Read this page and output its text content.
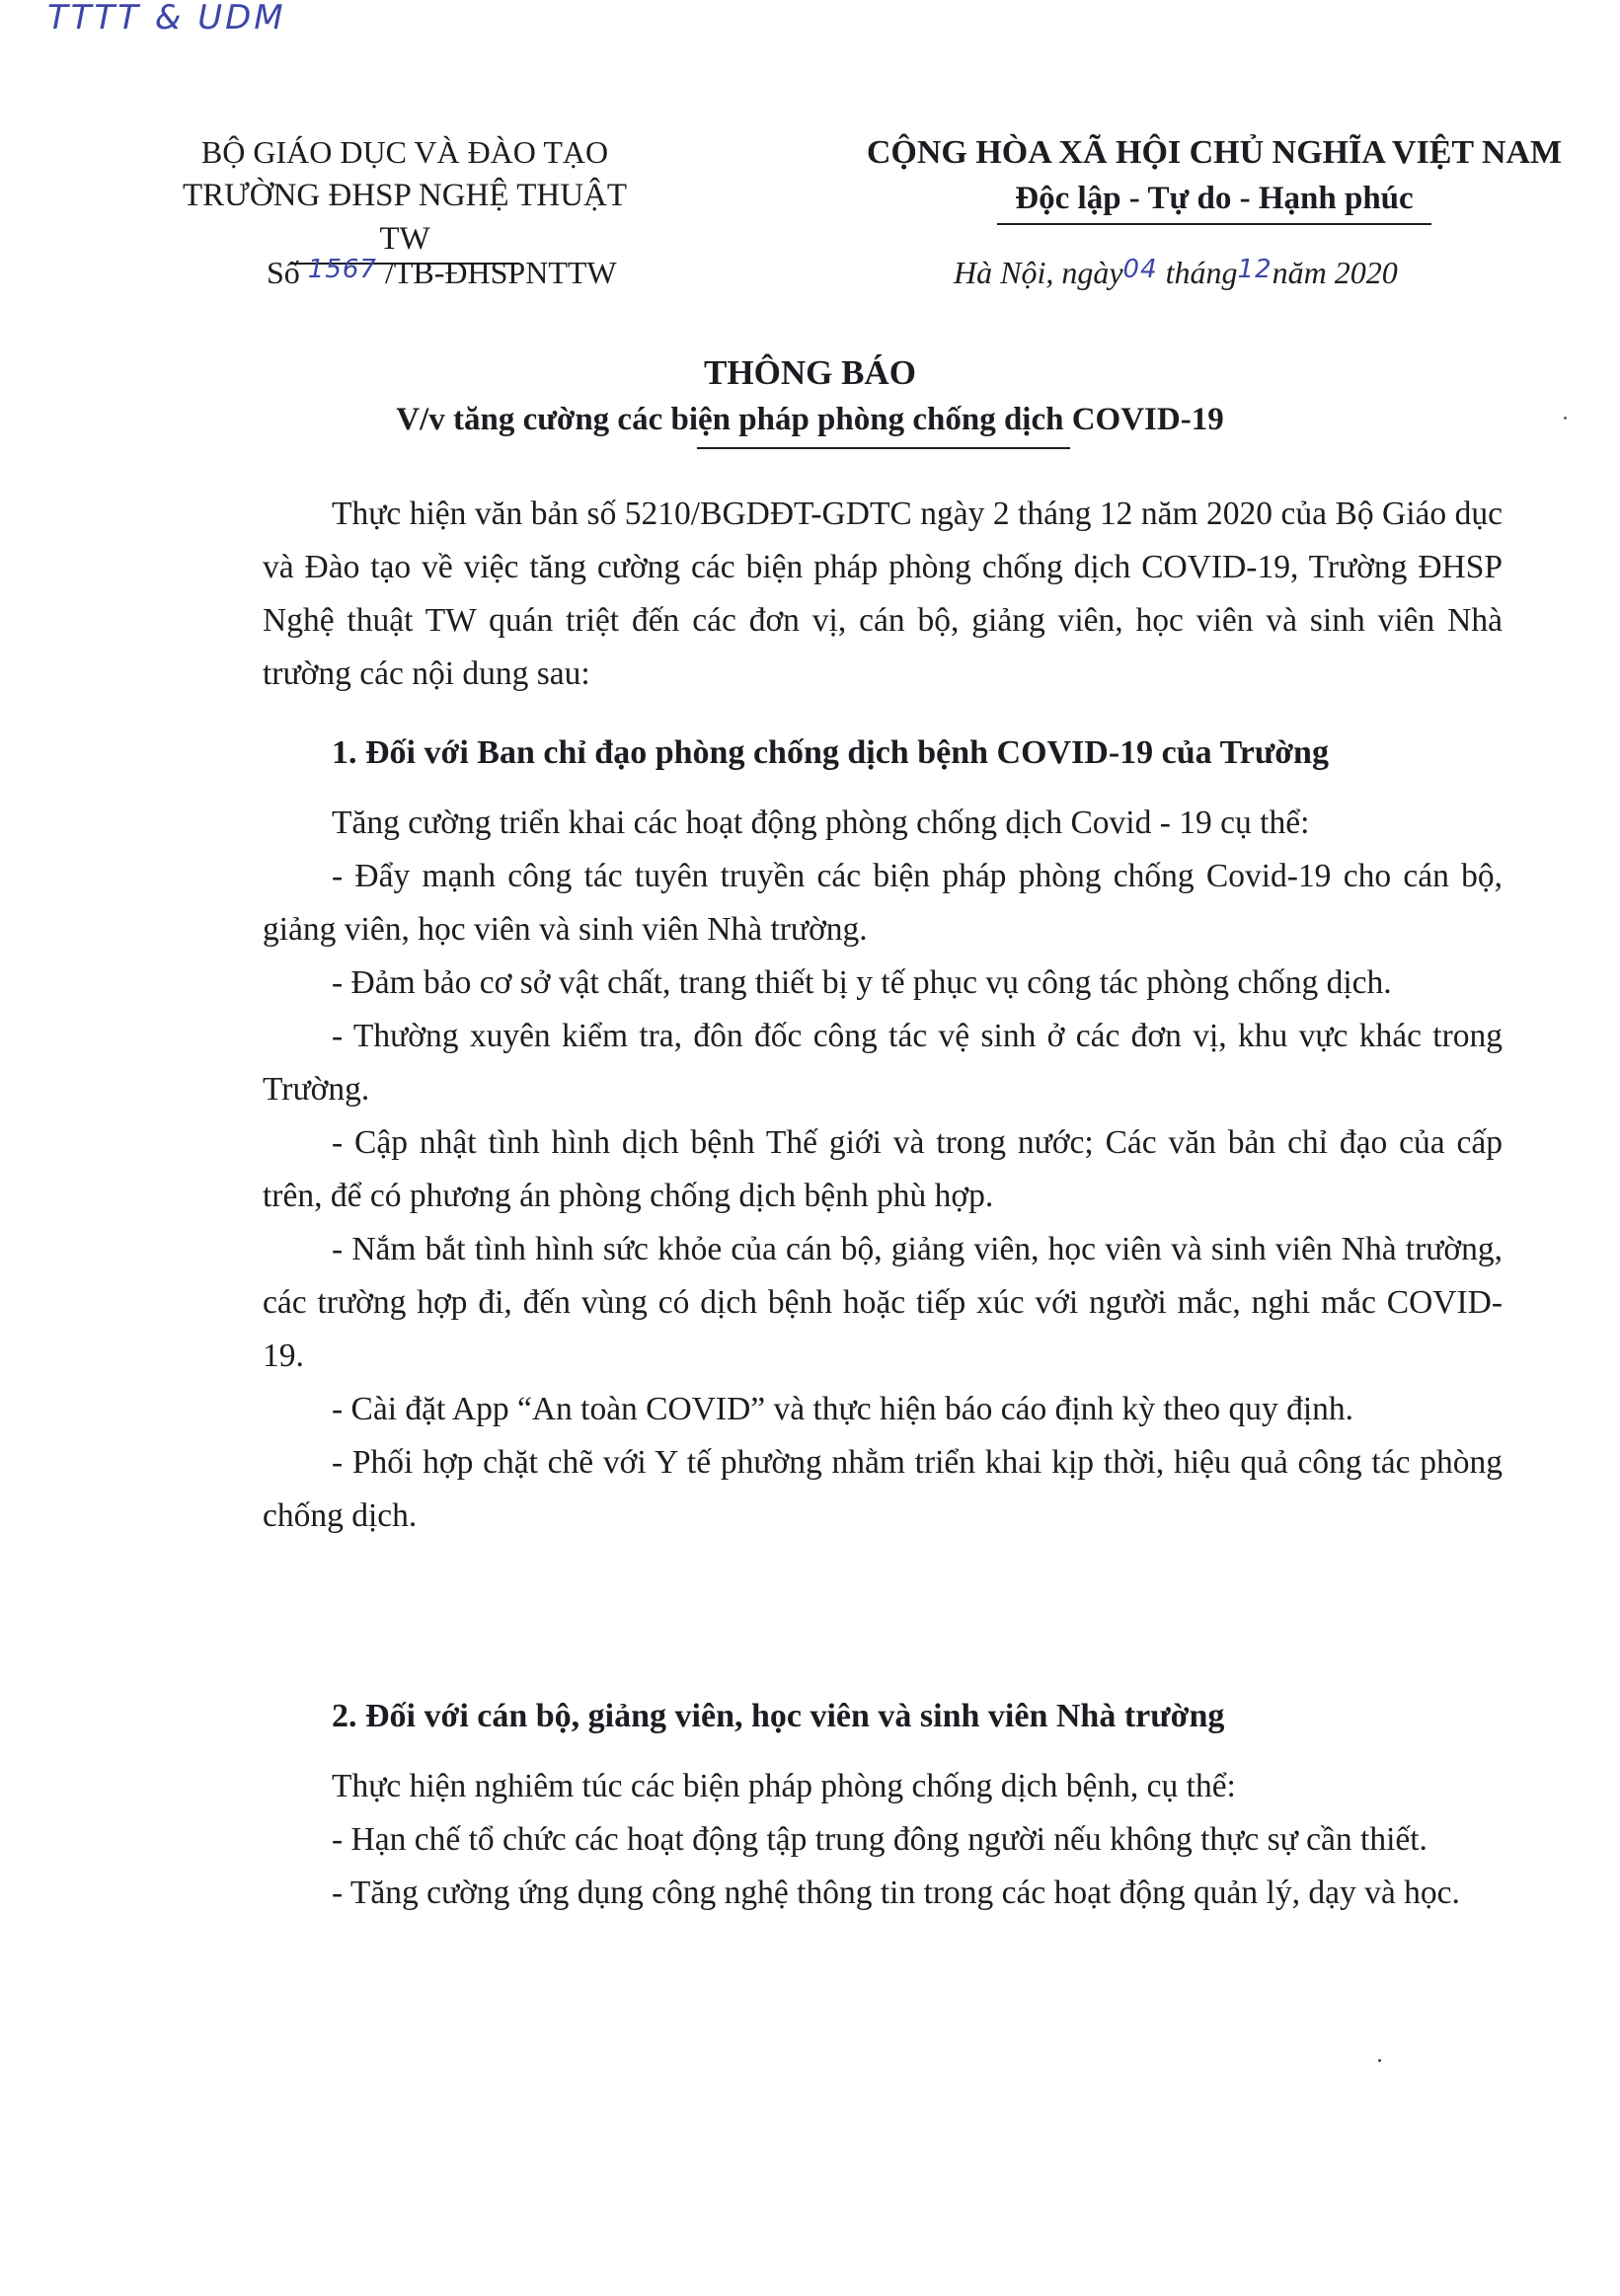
TTTT & UDM
BỘ GIÁO DỤC VÀ ĐÀO TẠO
TRƯỜNG ĐHSP NGHỆ THUẬT TW
CỘNG HÒA XÃ HỘI CHỦ NGHĨA VIỆT NAM
Độc lập - Tự do - Hạnh phúc
Số 1567 /TB-ĐHSPNTTW	Hà Nội, ngày04 tháng12năm 2020
THÔNG BÁO
V/v tăng cường các biện pháp phòng chống dịch COVID-19

Thực hiện văn bản số 5210/BGDĐT-GDTC ngày 2 tháng 12 năm 2020 của Bộ Giáo dục và Đào tạo về việc tăng cường các biện pháp phòng chống dịch COVID-19, Trường ĐHSP Nghệ thuật TW quán triệt đến các đơn vị, cán bộ, giảng viên, học viên và sinh viên Nhà trường các nội dung sau:

1. Đối với Ban chỉ đạo phòng chống dịch bệnh COVID-19 của Trường

Tăng cường triển khai các hoạt động phòng chống dịch Covid - 19 cụ thể:

- Đẩy mạnh công tác tuyên truyền các biện pháp phòng chống Covid-19 cho cán bộ, giảng viên, học viên và sinh viên Nhà trường.

- Đảm bảo cơ sở vật chất, trang thiết bị y tế phục vụ công tác phòng chống dịch.

- Thường xuyên kiểm tra, đôn đốc công tác vệ sinh ở các đơn vị, khu vực khác trong Trường.

- Cập nhật tình hình dịch bệnh Thế giới và trong nước; Các văn bản chỉ đạo của cấp trên, để có phương án phòng chống dịch bệnh phù hợp.

- Nắm bắt tình hình sức khỏe của cán bộ, giảng viên, học viên và sinh viên Nhà trường, các trường hợp đi, đến vùng có dịch bệnh hoặc tiếp xúc với người mắc, nghi mắc COVID- 19.

- Cài đặt App “An toàn COVID” và thực hiện báo cáo định kỳ theo quy định.

- Phối hợp chặt chẽ với Y tế phường nhằm triển khai kịp thời, hiệu quả công tác phòng chống dịch.

2. Đối với cán bộ, giảng viên, học viên và sinh viên Nhà trường

Thực hiện nghiêm túc các biện pháp phòng chống dịch bệnh, cụ thể:

- Hạn chế tổ chức các hoạt động tập trung đông người nếu không thực sự cần thiết.

- Tăng cường ứng dụng công nghệ thông tin trong các hoạt động quản lý, dạy và học.
